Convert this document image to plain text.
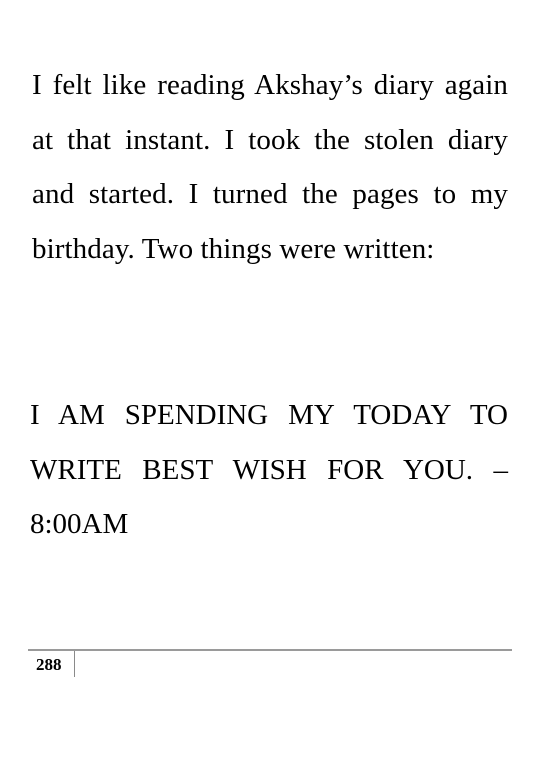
I felt like reading Akshay’s diary again at that instant. I took the stolen diary and started. I turned the pages to my birthday. Two things were written:

I AM SPENDING MY TODAY TO WRITE BEST WISH FOR YOU. – 8:00AM

288
